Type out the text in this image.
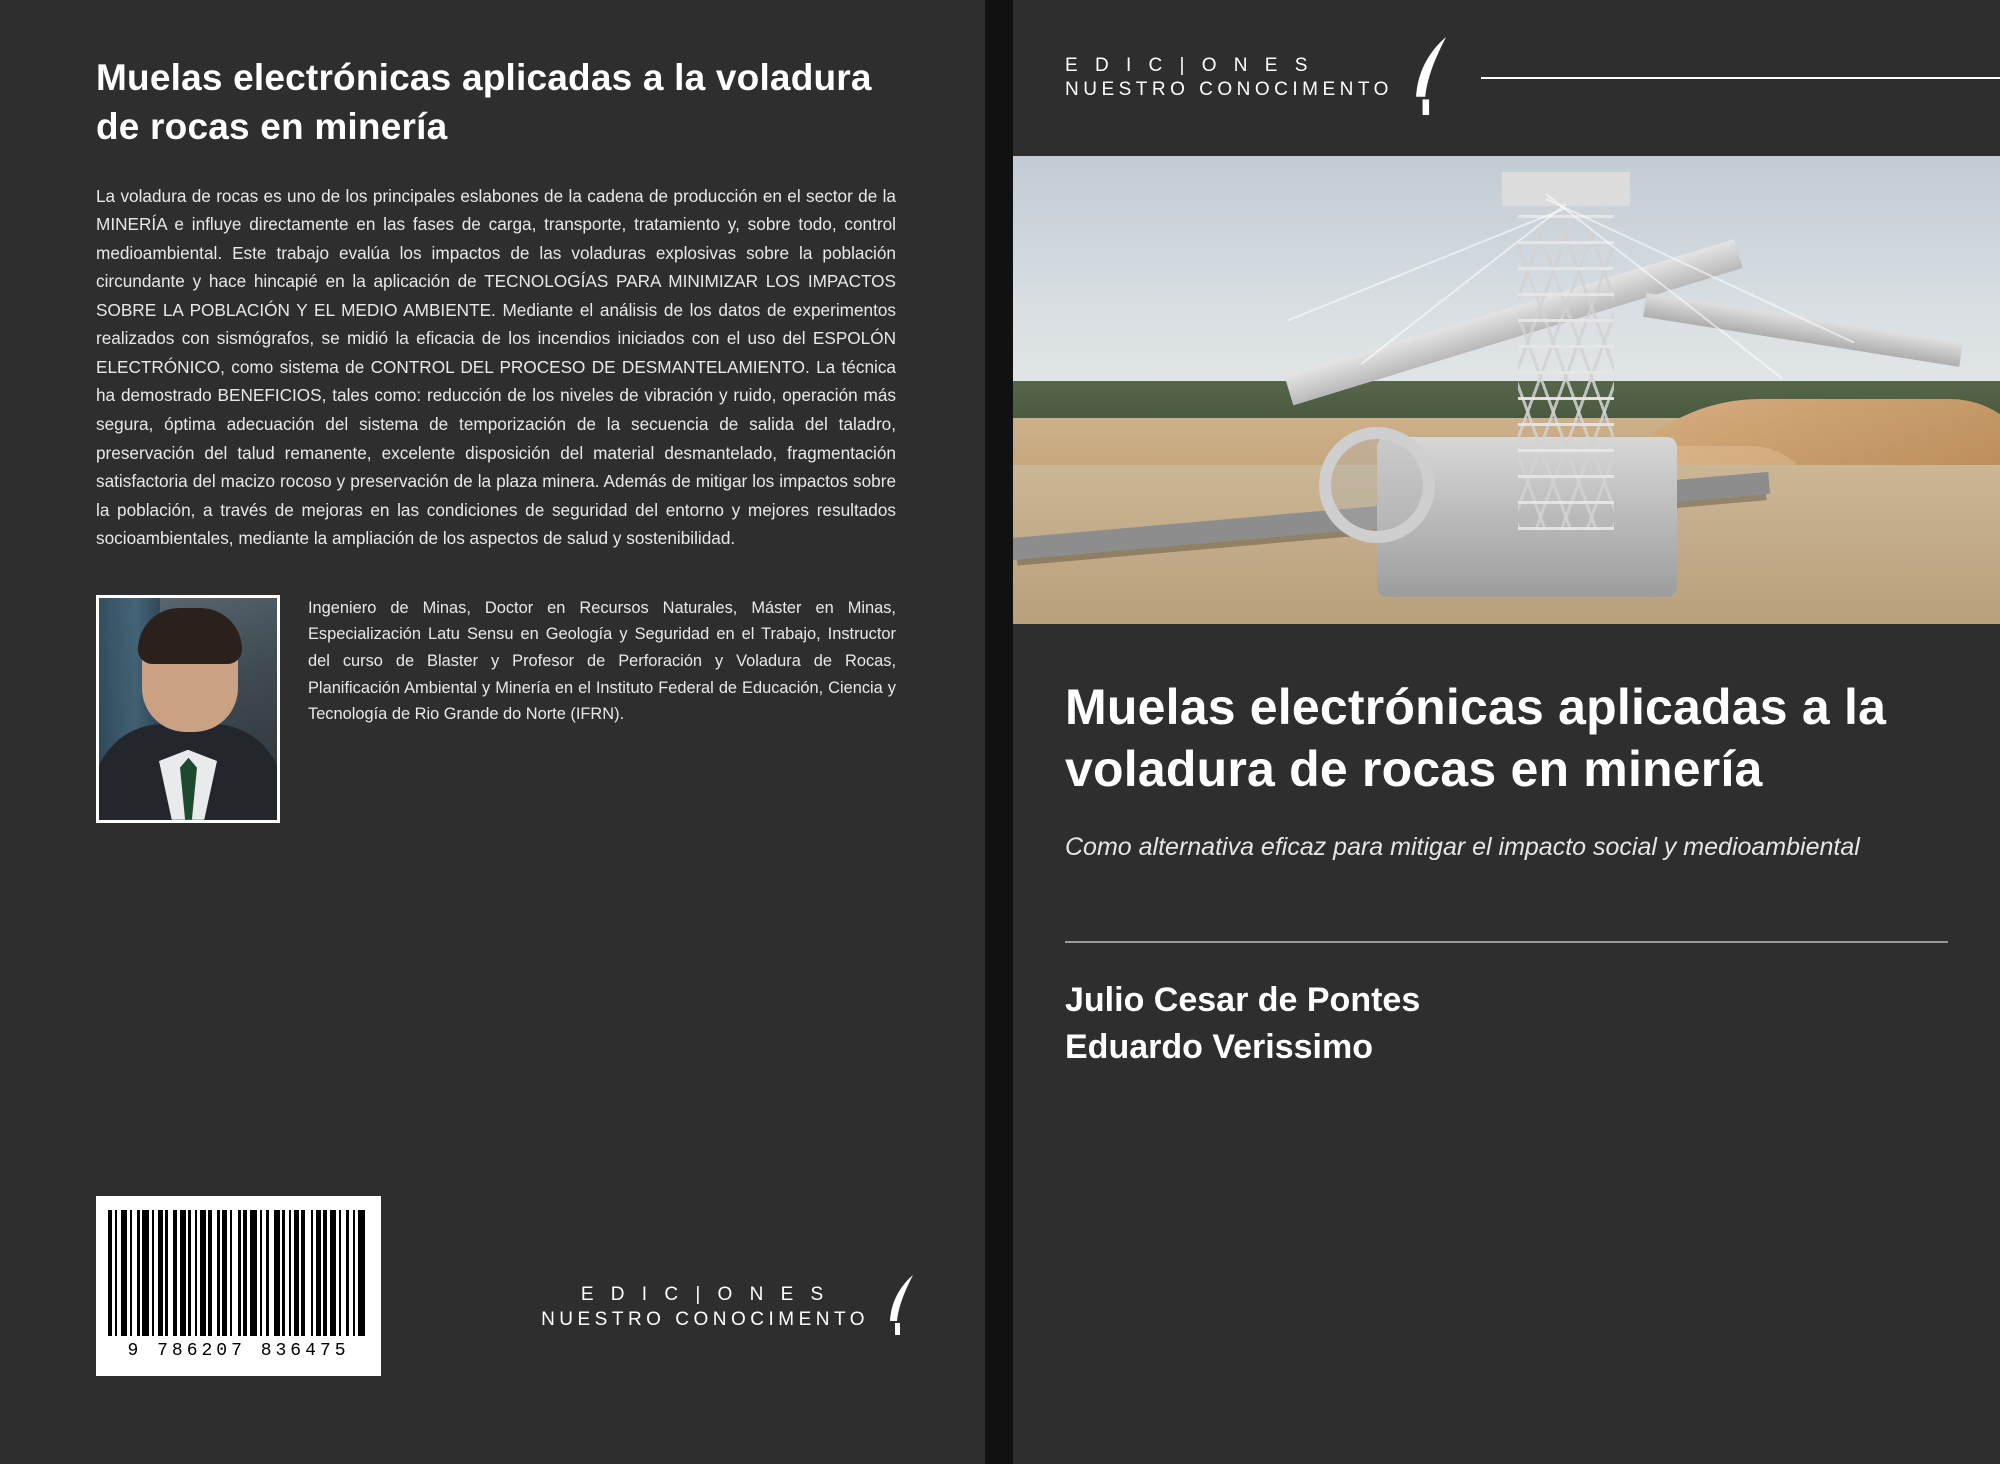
Muelas electrónicas aplicadas a la voladura de rocas en minería

La voladura de rocas es uno de los principales eslabones de la cadena de producción en el sector de la MINERÍA e influye directamente en las fases de carga, transporte, tratamiento y, sobre todo, control medioambiental. Este trabajo evalúa los impactos de las voladuras explosivas sobre la población circundante y hace hincapié en la aplicación de TECNOLOGÍAS PARA MINIMIZAR LOS IMPACTOS SOBRE LA POBLACIÓN Y EL MEDIO AMBIENTE. Mediante el análisis de los datos de experimentos realizados con sismógrafos, se midió la eficacia de los incendios iniciados con el uso del ESPOLÓN ELECTRÓNICO, como sistema de CONTROL DEL PROCESO DE DESMANTELAMIENTO. La técnica ha demostrado BENEFICIOS, tales como: reducción de los niveles de vibración y ruido, operación más segura, óptima adecuación del sistema de temporización de la secuencia de salida del taladro, preservación del talud remanente, excelente disposición del material desmantelado, fragmentación satisfactoria del macizo rocoso y preservación de la plaza minera. Además de mitigar los impactos sobre la población, a través de mejoras en las condiciones de seguridad del entorno y mejores resultados socioambientales, mediante la ampliación de los aspectos de salud y sostenibilidad.

Ingeniero de Minas, Doctor en Recursos Naturales, Máster en Minas, Especialización Latu Sensu en Geología y Seguridad en el Trabajo, Instructor del curso de Blaster y Profesor de Perforación y Voladura de Rocas, Planificación Ambiental y Minería en el Instituto Federal de Educación, Ciencia y Tecnología de Rio Grande do Norte (IFRN).
9 786207 836475
E D I C | O N E S
NUESTRO CONOCIMENTO
E D I C | O N E S
NUESTRO CONOCIMENTO
Muelas electrónicas aplicadas a la voladura de rocas en minería
Como alternativa eficaz para mitigar el impacto social y medioambiental
Julio Cesar de Pontes
Eduardo Verissimo
